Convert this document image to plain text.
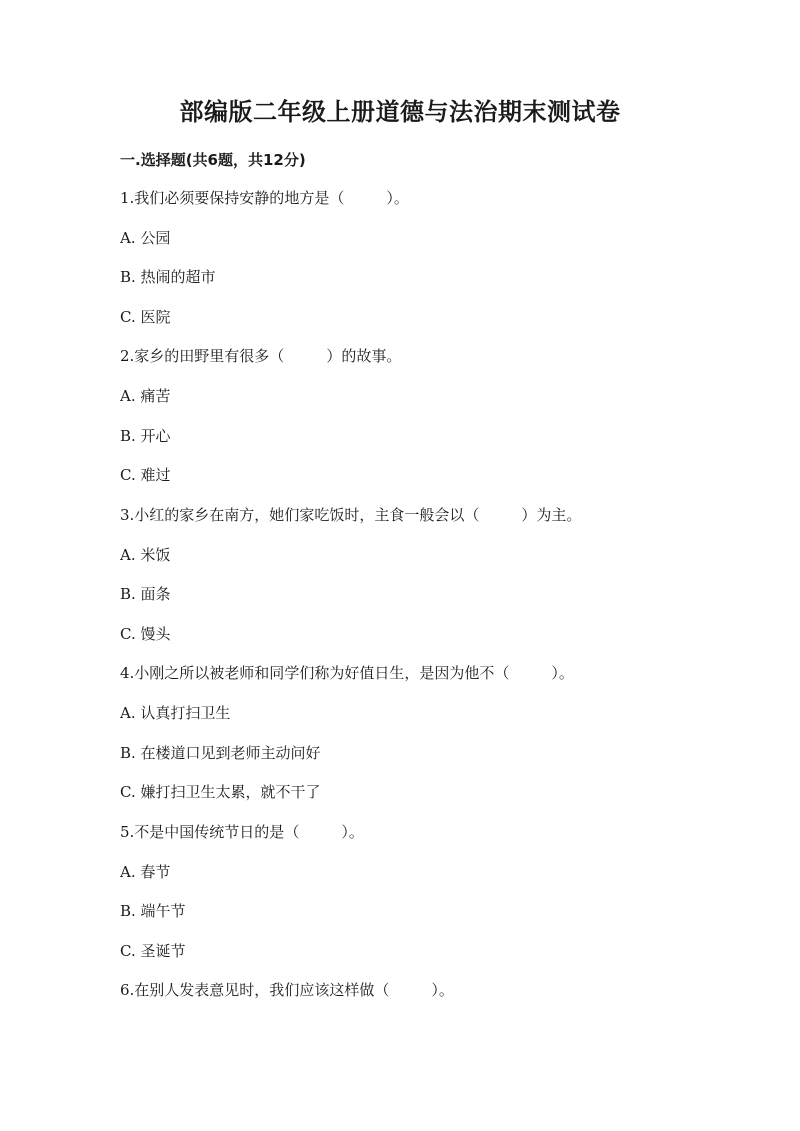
部编版二年级上册道德与法治期末测试卷
一.选择题(共6题，共12分)
1.我们必须要保持安静的地方是（	）。
A. 公园
B. 热闹的超市
C. 医院
2.家乡的田野里有很多（	）的故事。
A. 痛苦
B. 开心
C. 难过
3.小红的家乡在南方，她们家吃饭时，主食一般会以（	）为主。
A. 米饭
B. 面条
C. 馒头
4.小刚之所以被老师和同学们称为好值日生，是因为他不（	）。
A. 认真打扫卫生
B. 在楼道口见到老师主动问好
C. 嫌打扫卫生太累，就不干了
5.不是中国传统节日的是（	）。
A. 春节
B. 端午节
C. 圣诞节
6.在别人发表意见时，我们应该这样做（	）。
